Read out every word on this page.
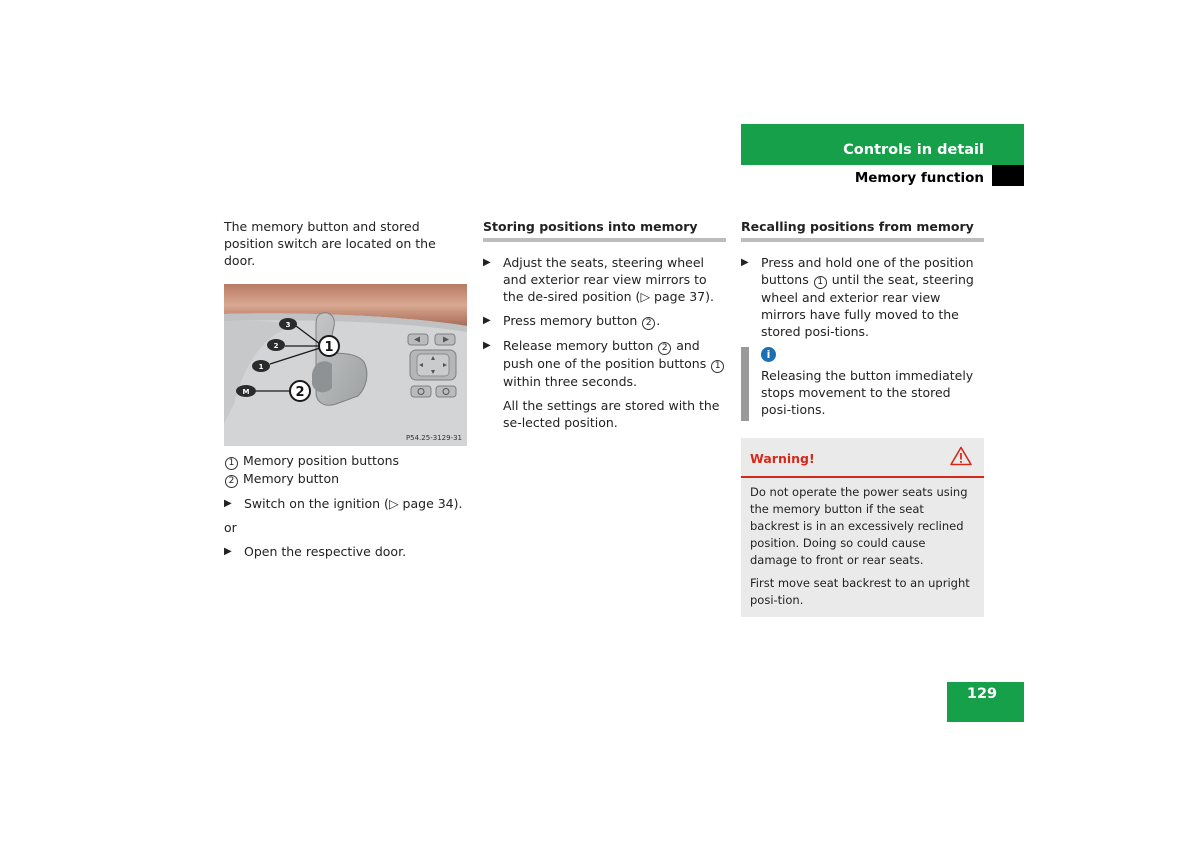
Controls in detail
Memory function

The memory button and stored position switch are located on the door.

3
2
1
M
1
2
P54.25-3129-31

1 Memory position buttons

2 Memory button

▶ Switch on the ignition (▷ page 34).

or

▶ Open the respective door.
Storing positions into memory
▶ Adjust the seats, steering wheel and exterior rear view mirrors to the de-sired position (▷ page 37).
▶ Press memory button 2 .
▶ Release memory button 2 and push one of the position buttons 1 within three seconds.

All the settings are stored with the se-lected position.

Recalling positions from memory
▶ Press and hold one of the position buttons 1 until the seat, steering wheel and exterior rear view mirrors have fully moved to the stored posi-tions.
i

Releasing the button immediately stops movement to the stored posi-tions.

Warning!

Do not operate the power seats using the memory button if the seat backrest is in an excessively reclined position. Doing so could cause damage to front or rear seats.

First move seat backrest to an upright posi-tion.

129
